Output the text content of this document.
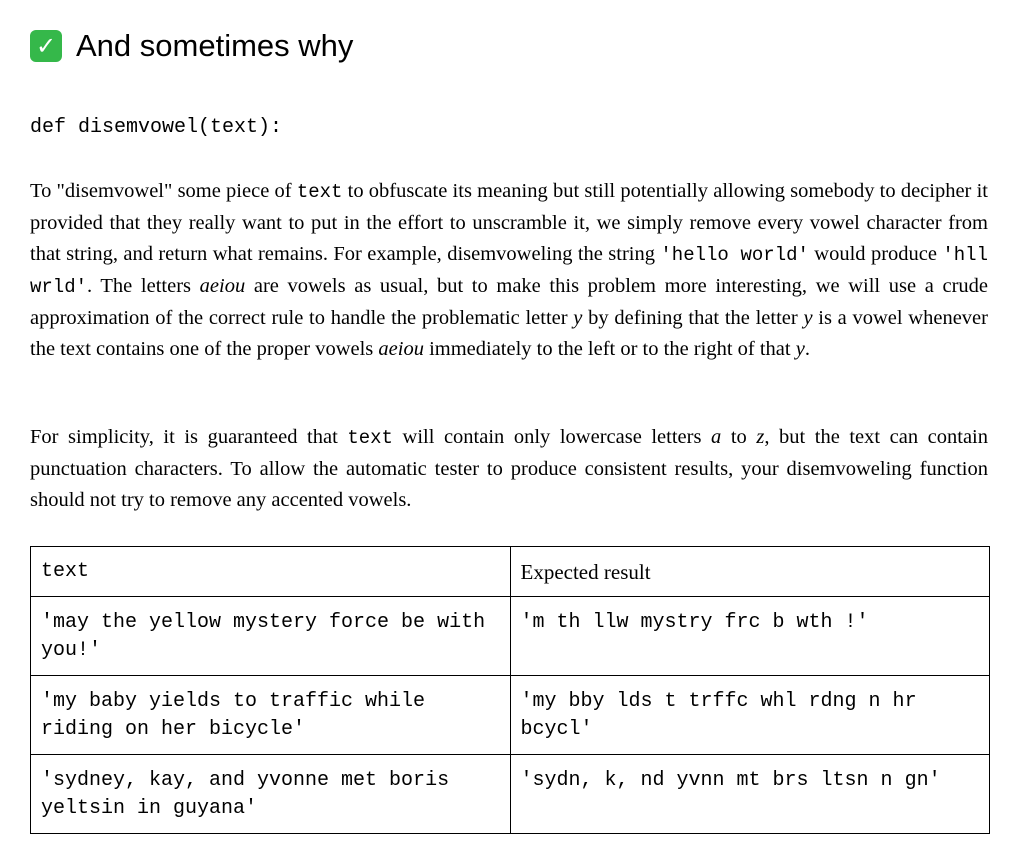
✓ And sometimes why
def disemvowel(text):
To "disemvowel" some piece of text to obfuscate its meaning but still potentially allowing somebody to decipher it provided that they really want to put in the effort to unscramble it, we simply remove every vowel character from that string, and return what remains. For example, disemvoweling the string 'hello world' would produce 'hll wrld'. The letters aeiou are vowels as usual, but to make this problem more interesting, we will use a crude approximation of the correct rule to handle the problematic letter y by defining that the letter y is a vowel whenever the text contains one of the proper vowels aeiou immediately to the left or to the right of that y.
For simplicity, it is guaranteed that text will contain only lowercase letters a to z, but the text can contain punctuation characters. To allow the automatic tester to produce consistent results, your disemvoweling function should not try to remove any accented vowels.
text	Expected result
'may the yellow mystery force be with you!'	'm th llw mystry frc b wth !'
'my baby yields to traffic while riding on her bicycle'	'my bby lds t trffc whl rdng n hr bcycl'
'sydney, kay, and yvonne met boris yeltsin in guyana'	'sydn, k, nd yvnn mt brs ltsn n gn'
